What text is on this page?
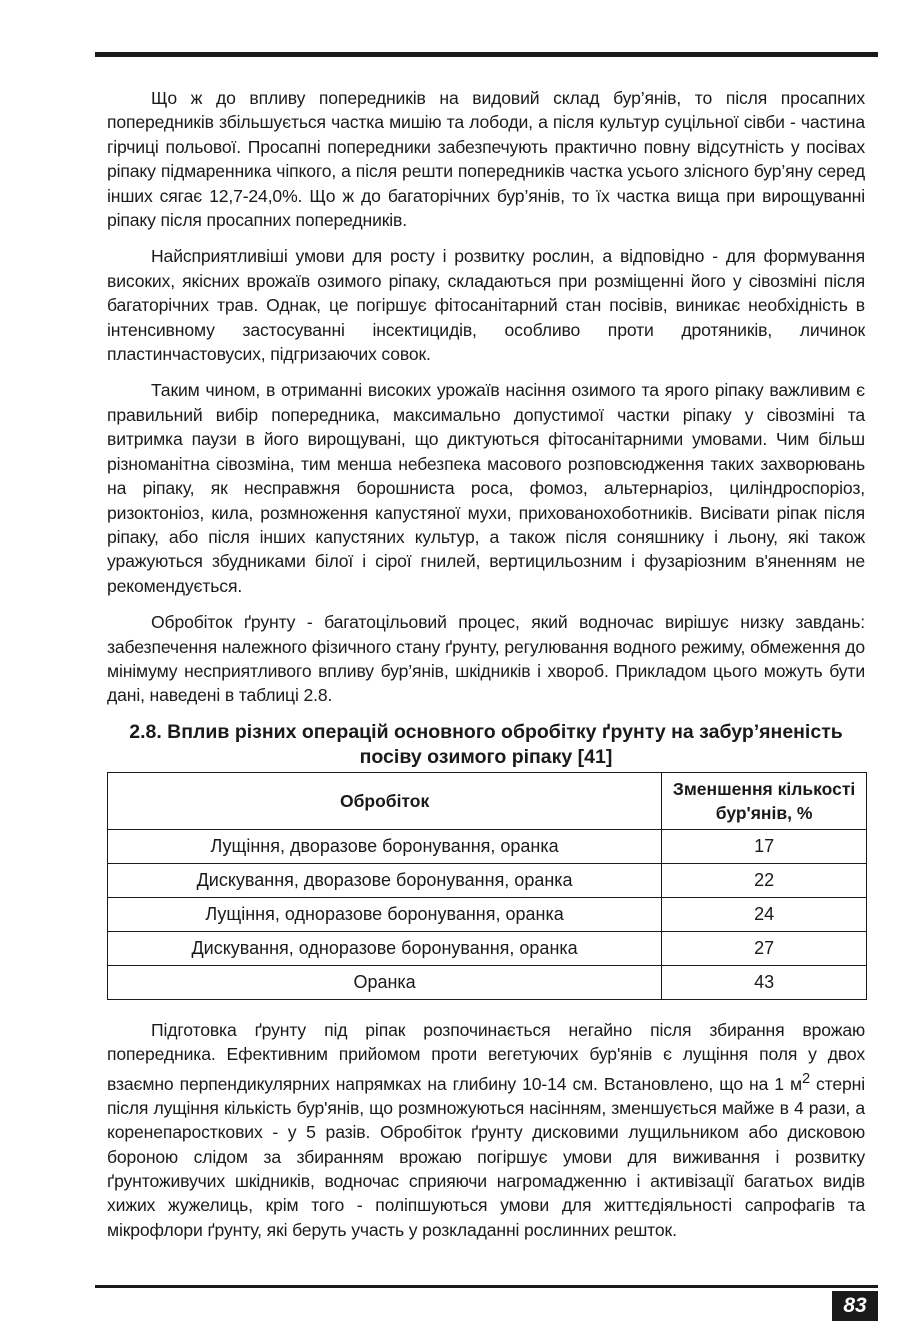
Що ж до впливу попередників на видовий склад бур’янів, то після просапних попередників збільшується частка мишію та лободи, а після культур суцільної сівби - частина гірчиці польової. Просапні попередники забезпечують практично повну відсутність у посівах ріпаку підмаренника чіпкого, а після решти попередників частка усього злісного бур’яну серед інших сягає 12,7-24,0%. Що ж до багаторічних бур’янів, то їх частка вища при вирощуванні ріпаку після просапних попередників.

Найсприятливіші умови для росту і розвитку рослин, а відповідно - для формування високих, якісних врожаїв озимого ріпаку, складаються при розміщенні його у сівозміні після багаторічних трав. Однак, це погіршує фітосанітарний стан посівів, виникає необхідність в інтенсивному застосуванні інсектицидів, особливо проти дротяників, личинок пластинчастовусих, підгризаючих совок.

Таким чином, в отриманні високих урожаїв насіння озимого та ярого ріпаку важливим є правильний вибір попередника, максимально допустимої частки ріпаку у сівозміні та витримка паузи в його вирощувані, що диктуються фітосанітарними умовами. Чим більш різноманітна сівозміна, тим менша небезпека масового розповсюдження таких захворювань на ріпаку, як несправжня борошниста роса, фомоз, альтернаріоз, циліндроспоріоз, ризоктоніоз, кила, розмноження капустяної мухи, прихованохоботників. Висівати ріпак після ріпаку, або після інших капустяних культур, а також після соняшнику і льону, які також уражуються збудниками білої і сірої гнилей, вертицильозним і фузаріозним в'яненням не рекомендується.

Обробіток ґрунту - багатоцільовий процес, який водночас вирішує низку завдань: забезпечення належного фізичного стану ґрунту, регулювання водного режиму, обмеження до мінімуму несприятливого впливу бур’янів, шкідників і хвороб. Прикладом цього можуть бути дані, наведені в таблиці 2.8.

2.8. Вплив різних операцій основного обробітку ґрунту на забур’яненість посіву озимого ріпаку [41]
Обробіток	Зменшення кількості бур'янів, %
Лущіння, дворазове боронування, оранка	17
Дискування, дворазове боронування, оранка	22
Лущіння, одноразове боронування, оранка	24
Дискування, одноразове боронування, оранка	27
Оранка	43

Підготовка ґрунту під ріпак розпочинається негайно після збирання врожаю попередника. Ефективним прийомом проти вегетуючих бур'янів є лущіння поля у двох взаємно перпендикулярних напрямках на глибину 10-14 см. Встановлено, що на 1 $м^2$ стерні після лущіння кількість бур'янів, що розмножуються насінням, зменшується майже в 4 рази, а коренепаросткових - у 5 разів. Обробіток ґрунту дисковими лущильником або дисковою бороною слідом за збиранням врожаю погіршує умови для виживання і розвитку ґрунтоживучих шкідників, водночас сприяючи нагромадженню і активізації багатьох видів хижих жужелиць, крім того - поліпшуються умови для життєдіяльності сапрофагів та мікрофлори ґрунту, які беруть участь у розкладанні рослинних решток.

83
